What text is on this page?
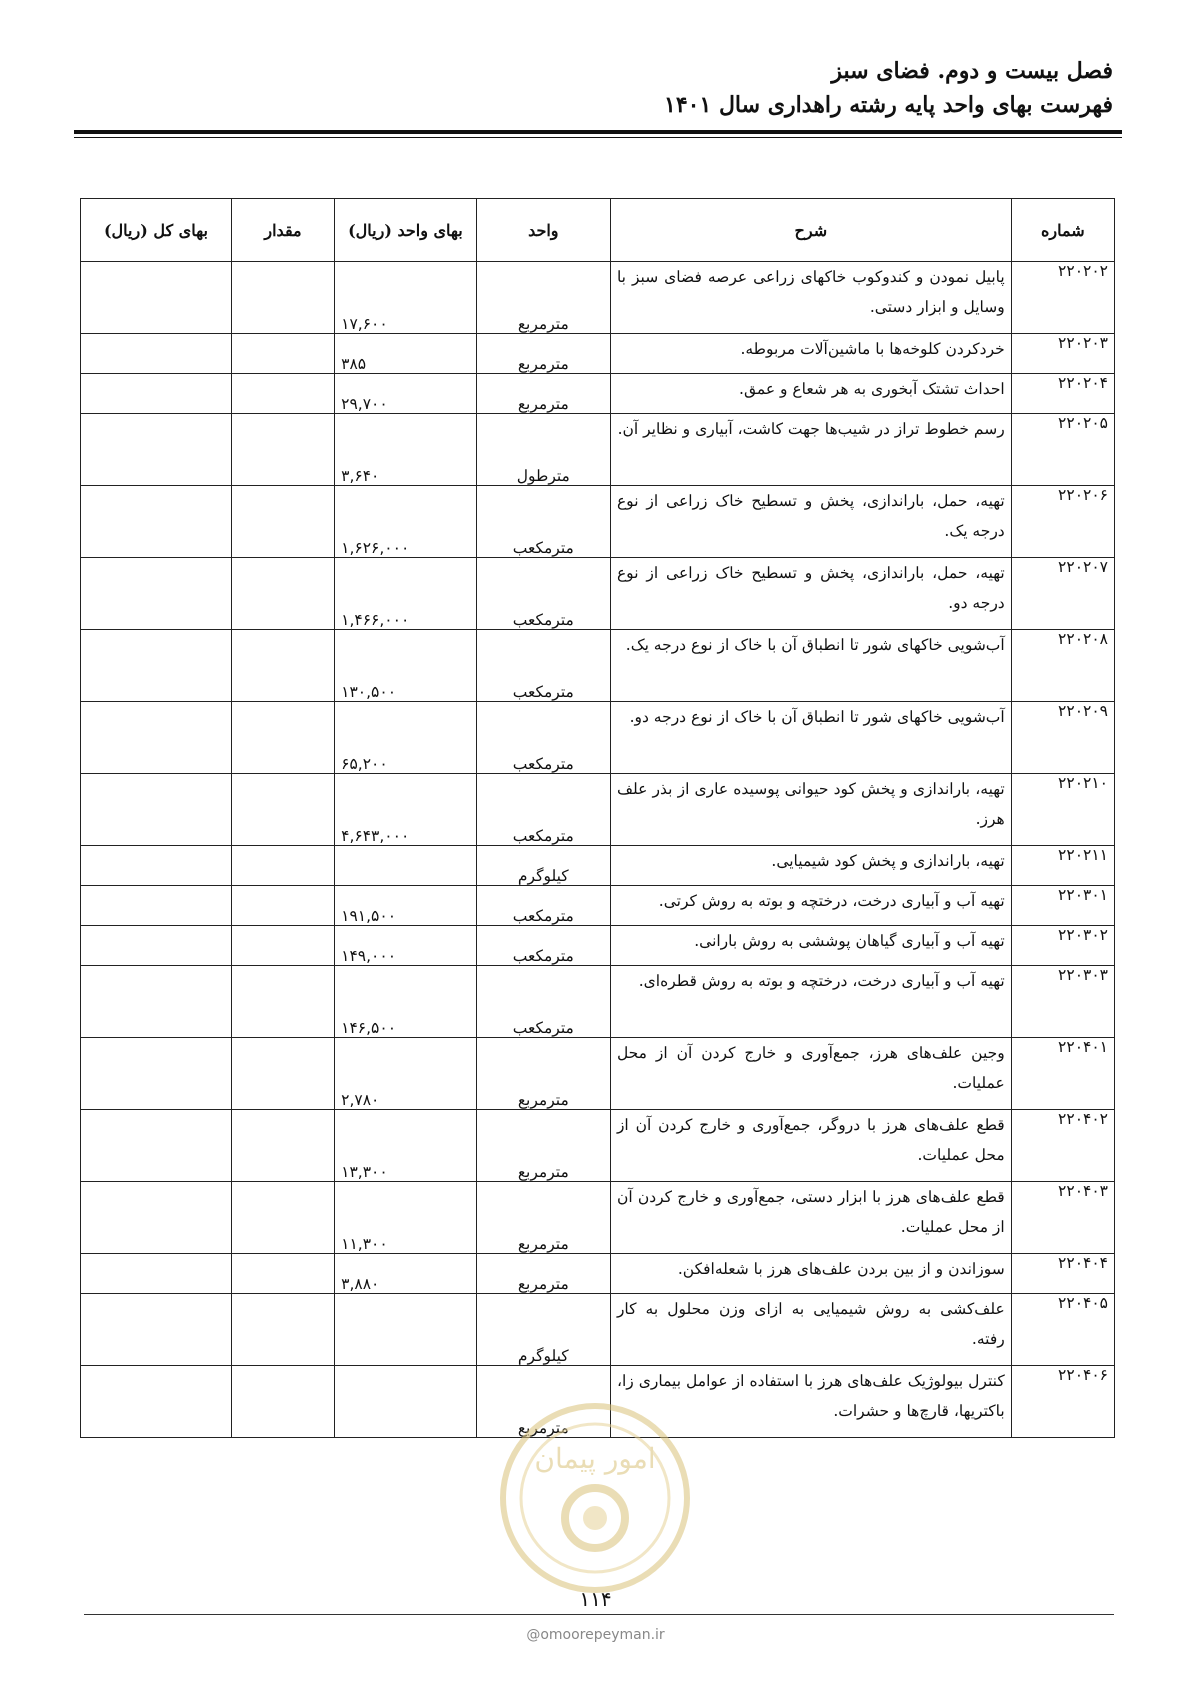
فصل بیست و دوم. فضای سبز
فهرست بهای واحد پایه رشته راهداری سال ۱۴۰۱
شماره	شرح	واحد	بهای واحد (ریال)	مقدار	بهای کل (ریال)
۲۲۰۲۰۲	پابیل نمودن و کندوکوب خاکهای زراعی عرصه فضای سبز با وسایل و ابزار دستی.	مترمربع	۱۷,۶۰۰		
۲۲۰۲۰۳	خردکردن کلوخه‌ها با ماشین‌آلات مربوطه.	مترمربع	۳۸۵		
۲۲۰۲۰۴	احداث تشتک آبخوری به هر شعاع و عمق.	مترمربع	۲۹,۷۰۰		
۲۲۰۲۰۵	رسم خطوط تراز در شیب‌ها جهت کاشت، آبیاری و نظایر آن.	مترطول	۳,۶۴۰		
۲۲۰۲۰۶	تهیه، حمل، باراندازی، پخش و تسطیح خاک زراعی از نوع درجه یک.	مترمکعب	۱,۶۲۶,۰۰۰		
۲۲۰۲۰۷	تهیه، حمل، باراندازی، پخش و تسطیح خاک زراعی از نوع درجه دو.	مترمکعب	۱,۴۶۶,۰۰۰		
۲۲۰۲۰۸	آب‌شویی خاکهای شور تا انطباق آن با خاک از نوع درجه یک.	مترمکعب	۱۳۰,۵۰۰		
۲۲۰۲۰۹	آب‌شویی خاکهای شور تا انطباق آن با خاک از نوع درجه دو.	مترمکعب	۶۵,۲۰۰		
۲۲۰۲۱۰	تهیه، باراندازی و پخش کود حیوانی پوسیده عاری از بذر علف هرز.	مترمکعب	۴,۶۴۳,۰۰۰		
۲۲۰۲۱۱	تهیه، باراندازی و پخش کود شیمیایی.	کیلوگرم			
۲۲۰۳۰۱	تهیه آب و آبیاری درخت، درختچه و بوته به روش کرتی.	مترمکعب	۱۹۱,۵۰۰		
۲۲۰۳۰۲	تهیه آب و آبیاری گیاهان پوششی به روش بارانی.	مترمکعب	۱۴۹,۰۰۰		
۲۲۰۳۰۳	تهیه آب و آبیاری درخت، درختچه و بوته به روش قطره‌ای.	مترمکعب	۱۴۶,۵۰۰		
۲۲۰۴۰۱	وجین علف‌های هرز، جمع‌آوری و خارج کردن آن از محل عملیات.	مترمربع	۲,۷۸۰		
۲۲۰۴۰۲	قطع علف‌های هرز با دروگر، جمع‌آوری و خارج کردن آن از محل عملیات.	مترمربع	۱۳,۳۰۰		
۲۲۰۴۰۳	قطع علف‌های هرز با ابزار دستی، جمع‌آوری و خارج کردن آن از محل عملیات.	مترمربع	۱۱,۳۰۰		
۲۲۰۴۰۴	سوزاندن و از بین بردن علف‌های هرز با شعله‌افکن.	مترمربع	۳,۸۸۰		
۲۲۰۴۰۵	علف‌کشی به روش شیمیایی به ازای وزن محلول به کار رفته.	کیلوگرم			
۲۲۰۴۰۶	کنترل بیولوژیک علف‌های هرز با استفاده از عوامل بیماری زا، باکتریها، قارچ‌ها و حشرات.	مترمربع			
امور پیمان
۱۱۴
@omoorepeyman.ir
